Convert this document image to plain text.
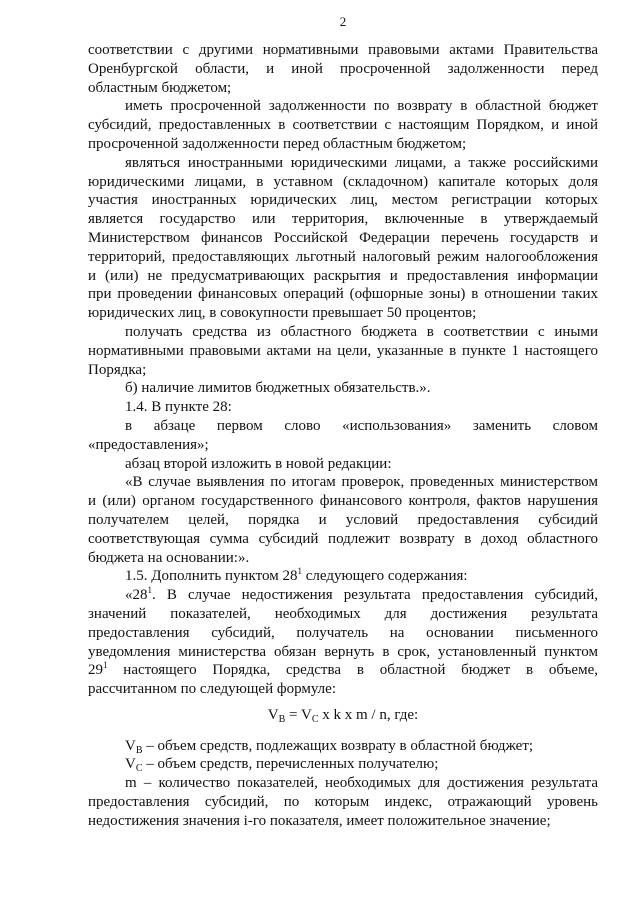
2
соответствии с другими нормативными правовыми актами Правительства
Оренбургской области, и иной просроченной задолженности перед
областным бюджетом;
иметь просроченной задолженности по возврату в областной бюджет
субсидий, предоставленных в соответствии с настоящим Порядком, и иной
просроченной задолженности перед областным бюджетом;
являться иностранными юридическими лицами, а также российскими
юридическими лицами, в уставном (складочном) капитале которых доля
участия иностранных юридических лиц, местом регистрации которых
является государство или территория, включенные в утверждаемый
Министерством финансов Российской Федерации перечень государств и
территорий, предоставляющих льготный налоговый режим налогообложения
и (или) не предусматривающих раскрытия и предоставления информации
при проведении финансовых операций (офшорные зоны) в отношении таких
юридических лиц, в совокупности превышает 50 процентов;
получать средства из областного бюджета в соответствии с иными
нормативными правовыми актами на цели, указанные в пункте 1 настоящего
Порядка;
б) наличие лимитов бюджетных обязательств.».
1.4. В пункте 28:
в абзаце первом слово «использования» заменить словом
«предоставления»;
абзац второй изложить в новой редакции:
«В случае выявления по итогам проверок, проведенных министерством
и (или) органом государственного финансового контроля, фактов нарушения
получателем целей, порядка и условий предоставления субсидий
соответствующая сумма субсидий подлежит возврату в доход областного
бюджета на основании:».
1.5. Дополнить пунктом $28^1$ следующего содержания:
«$28^1$. В случае недостижения результата предоставления субсидий,
значений показателей, необходимых для достижения результата
предоставления субсидий, получатель на основании письменного
уведомления министерства обязан вернуть в срок, установленный пунктом
$29^1$ настоящего Порядка, средства в областной бюджет в объеме,
рассчитанном по следующей формуле:
$V_B = V_C$ x k x m / n, где:
$V_B$ – объем средств, подлежащих возврату в областной бюджет;
$V_C$ – объем средств, перечисленных получателю;
m – количество показателей, необходимых для достижения результата
предоставления субсидий, по которым индекс, отражающий уровень
недостижения значения i-го показателя, имеет положительное значение;
